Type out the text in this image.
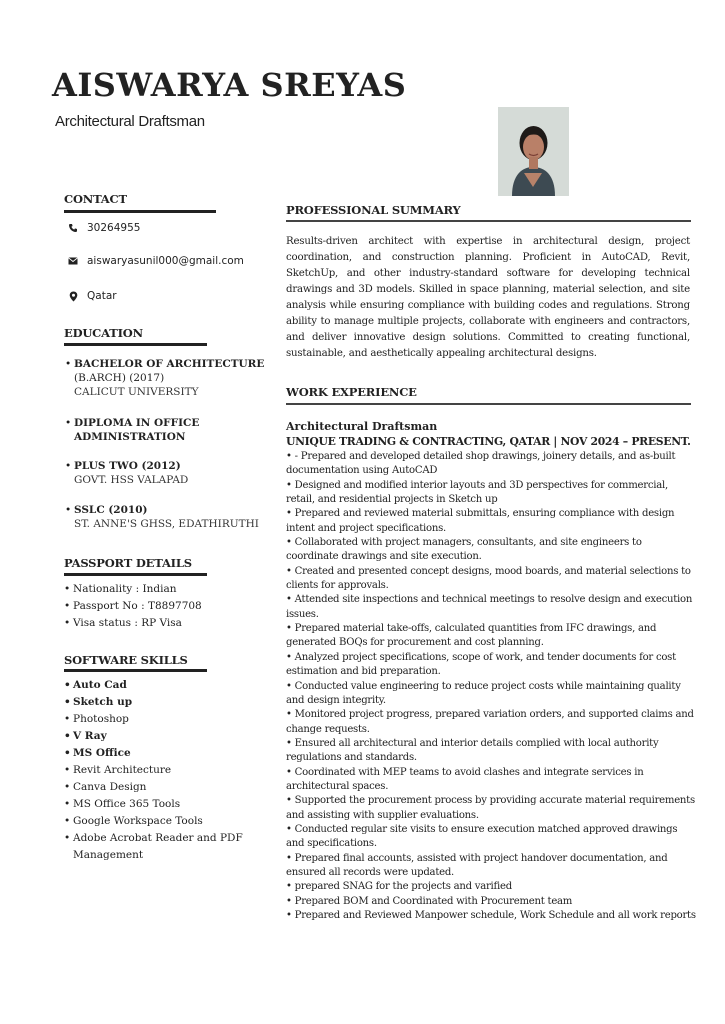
AISWARYA SREYAS
Architectural Draftsman
CONTACT
30264955
aiswaryasunil000@gmail.com
Qatar
EDUCATION
• BACHELOR OF ARCHITECTURE
(B.ARCH) (2017)
CALICUT UNIVERSITY
• DIPLOMA IN OFFICE
ADMINISTRATION
• PLUS TWO (2012)
GOVT. HSS VALAPAD
• SSLC (2010)
ST. ANNE'S GHSS, EDATHIRUTHI
PASSPORT DETAILS
• Nationality : Indian
• Passport No : T8897708
• Visa status : RP Visa
SOFTWARE SKILLS
• Auto Cad
• Sketch up
• Photoshop
• V Ray
• MS Office
• Revit Architecture
• Canva Design
• MS Office 365 Tools
• Google Workspace Tools
• Adobe Acrobat Reader and PDF
Management
PROFESSIONAL SUMMARY
Results-driven architect with expertise in architectural design, project coordination, and construction planning. Proficient in AutoCAD, Revit, SketchUp, and other industry-standard software for developing technical drawings and 3D models. Skilled in space planning, material selection, and site analysis while ensuring compliance with building codes and regulations. Strong ability to manage multiple projects, collaborate with engineers and contractors, and deliver innovative design solutions. Committed to creating functional, sustainable, and aesthetically appealing architectural designs.
WORK EXPERIENCE
Architectural Draftsman
UNIQUE TRADING & CONTRACTING, QATAR | NOV 2024 – PRESENT.
• - Prepared and developed detailed shop drawings, joinery details, and as-built documentation using AutoCAD
• Designed and modified interior layouts and 3D perspectives for commercial, retail, and residential projects in Sketch up
• Prepared and reviewed material submittals, ensuring compliance with design intent and project specifications.
• Collaborated with project managers, consultants, and site engineers to coordinate drawings and site execution.
• Created and presented concept designs, mood boards, and material selections to clients for approvals.
• Attended site inspections and technical meetings to resolve design and execution issues.
• Prepared material take-offs, calculated quantities from IFC drawings, and generated BOQs for procurement and cost planning.
• Analyzed project specifications, scope of work, and tender documents for cost estimation and bid preparation.
• Conducted value engineering to reduce project costs while maintaining quality and design integrity.
• Monitored project progress, prepared variation orders, and supported claims and change requests.
• Ensured all architectural and interior details complied with local authority regulations and standards.
• Coordinated with MEP teams to avoid clashes and integrate services in architectural spaces.
• Supported the procurement process by providing accurate material requirements and assisting with supplier evaluations.
• Conducted regular site visits to ensure execution matched approved drawings and specifications.
• Prepared final accounts, assisted with project handover documentation, and ensured all records were updated.
• prepared SNAG for the projects and varified
• Prepared BOM and Coordinated with Procurement team
• Prepared and Reviewed Manpower schedule, Work Schedule and all work reports
